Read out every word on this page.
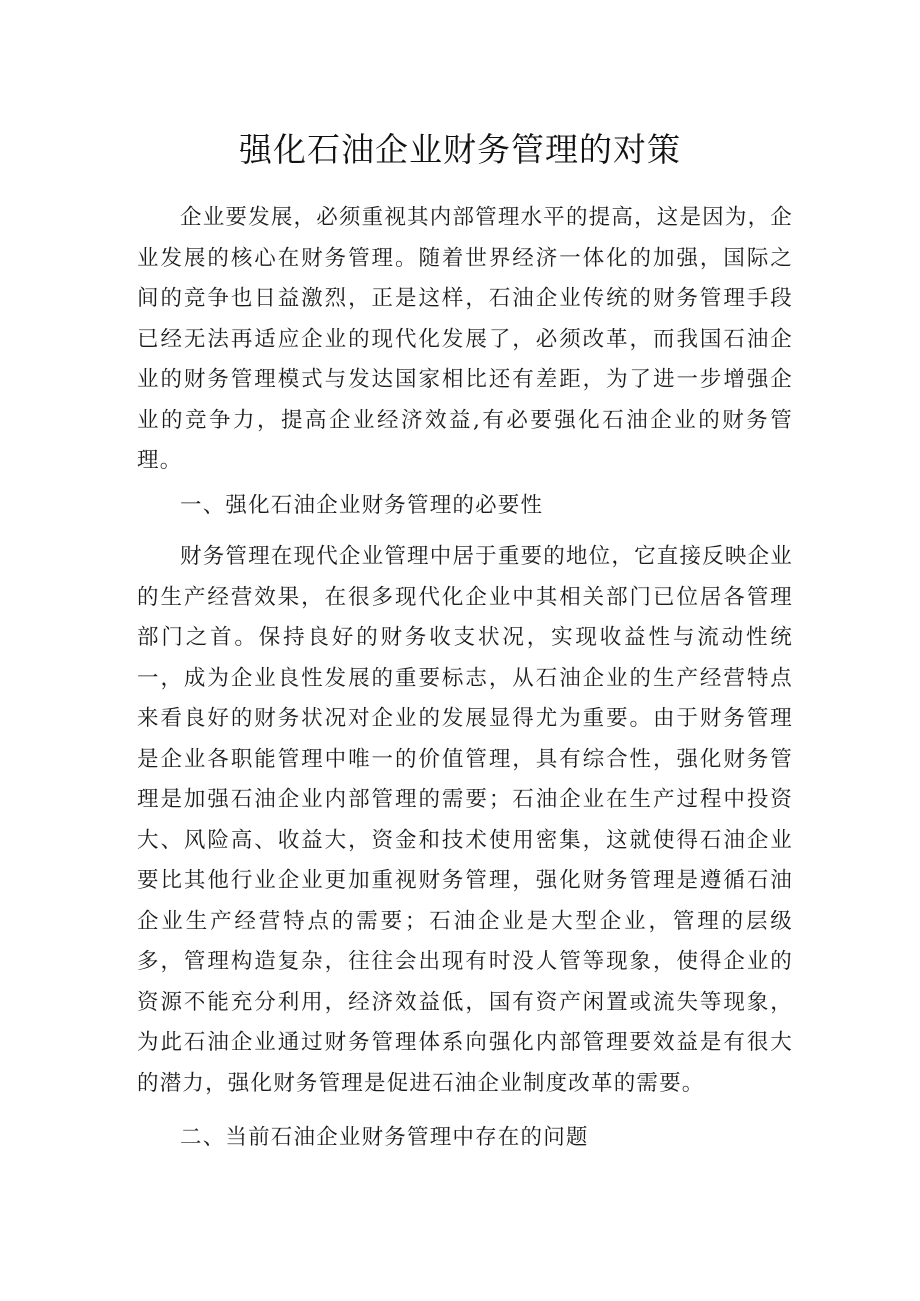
强化石油企业财务管理的对策

企业要发展，必须重视其内部管理水平的提高，这是因为，企业发展的核心在财务管理。随着世界经济一体化的加强，国际之间的竞争也日益激烈，正是这样，石油企业传统的财务管理手段已经无法再适应企业的现代化发展了，必须改革，而我国石油企业的财务管理模式与发达国家相比还有差距，为了进一步增强企业的竞争力，提高企业经济效益,有必要强化石油企业的财务管理。

一、强化石油企业财务管理的必要性

财务管理在现代企业管理中居于重要的地位，它直接反映企业的生产经营效果，在很多现代化企业中其相关部门已位居各管理部门之首。保持良好的财务收支状况，实现收益性与流动性统一，成为企业良性发展的重要标志，从石油企业的生产经营特点来看良好的财务状况对企业的发展显得尤为重要。由于财务管理是企业各职能管理中唯一的价值管理，具有综合性，强化财务管理是加强石油企业内部管理的需要；石油企业在生产过程中投资大、风险高、收益大，资金和技术使用密集，这就使得石油企业要比其他行业企业更加重视财务管理，强化财务管理是遵循石油企业生产经营特点的需要；石油企业是大型企业，管理的层级多，管理构造复杂，往往会出现有时没人管等现象，使得企业的资源不能充分利用，经济效益低，国有资产闲置或流失等现象，为此石油企业通过财务管理体系向强化内部管理要效益是有很大的潜力，强化财务管理是促进石油企业制度改革的需要。

二、当前石油企业财务管理中存在的问题
